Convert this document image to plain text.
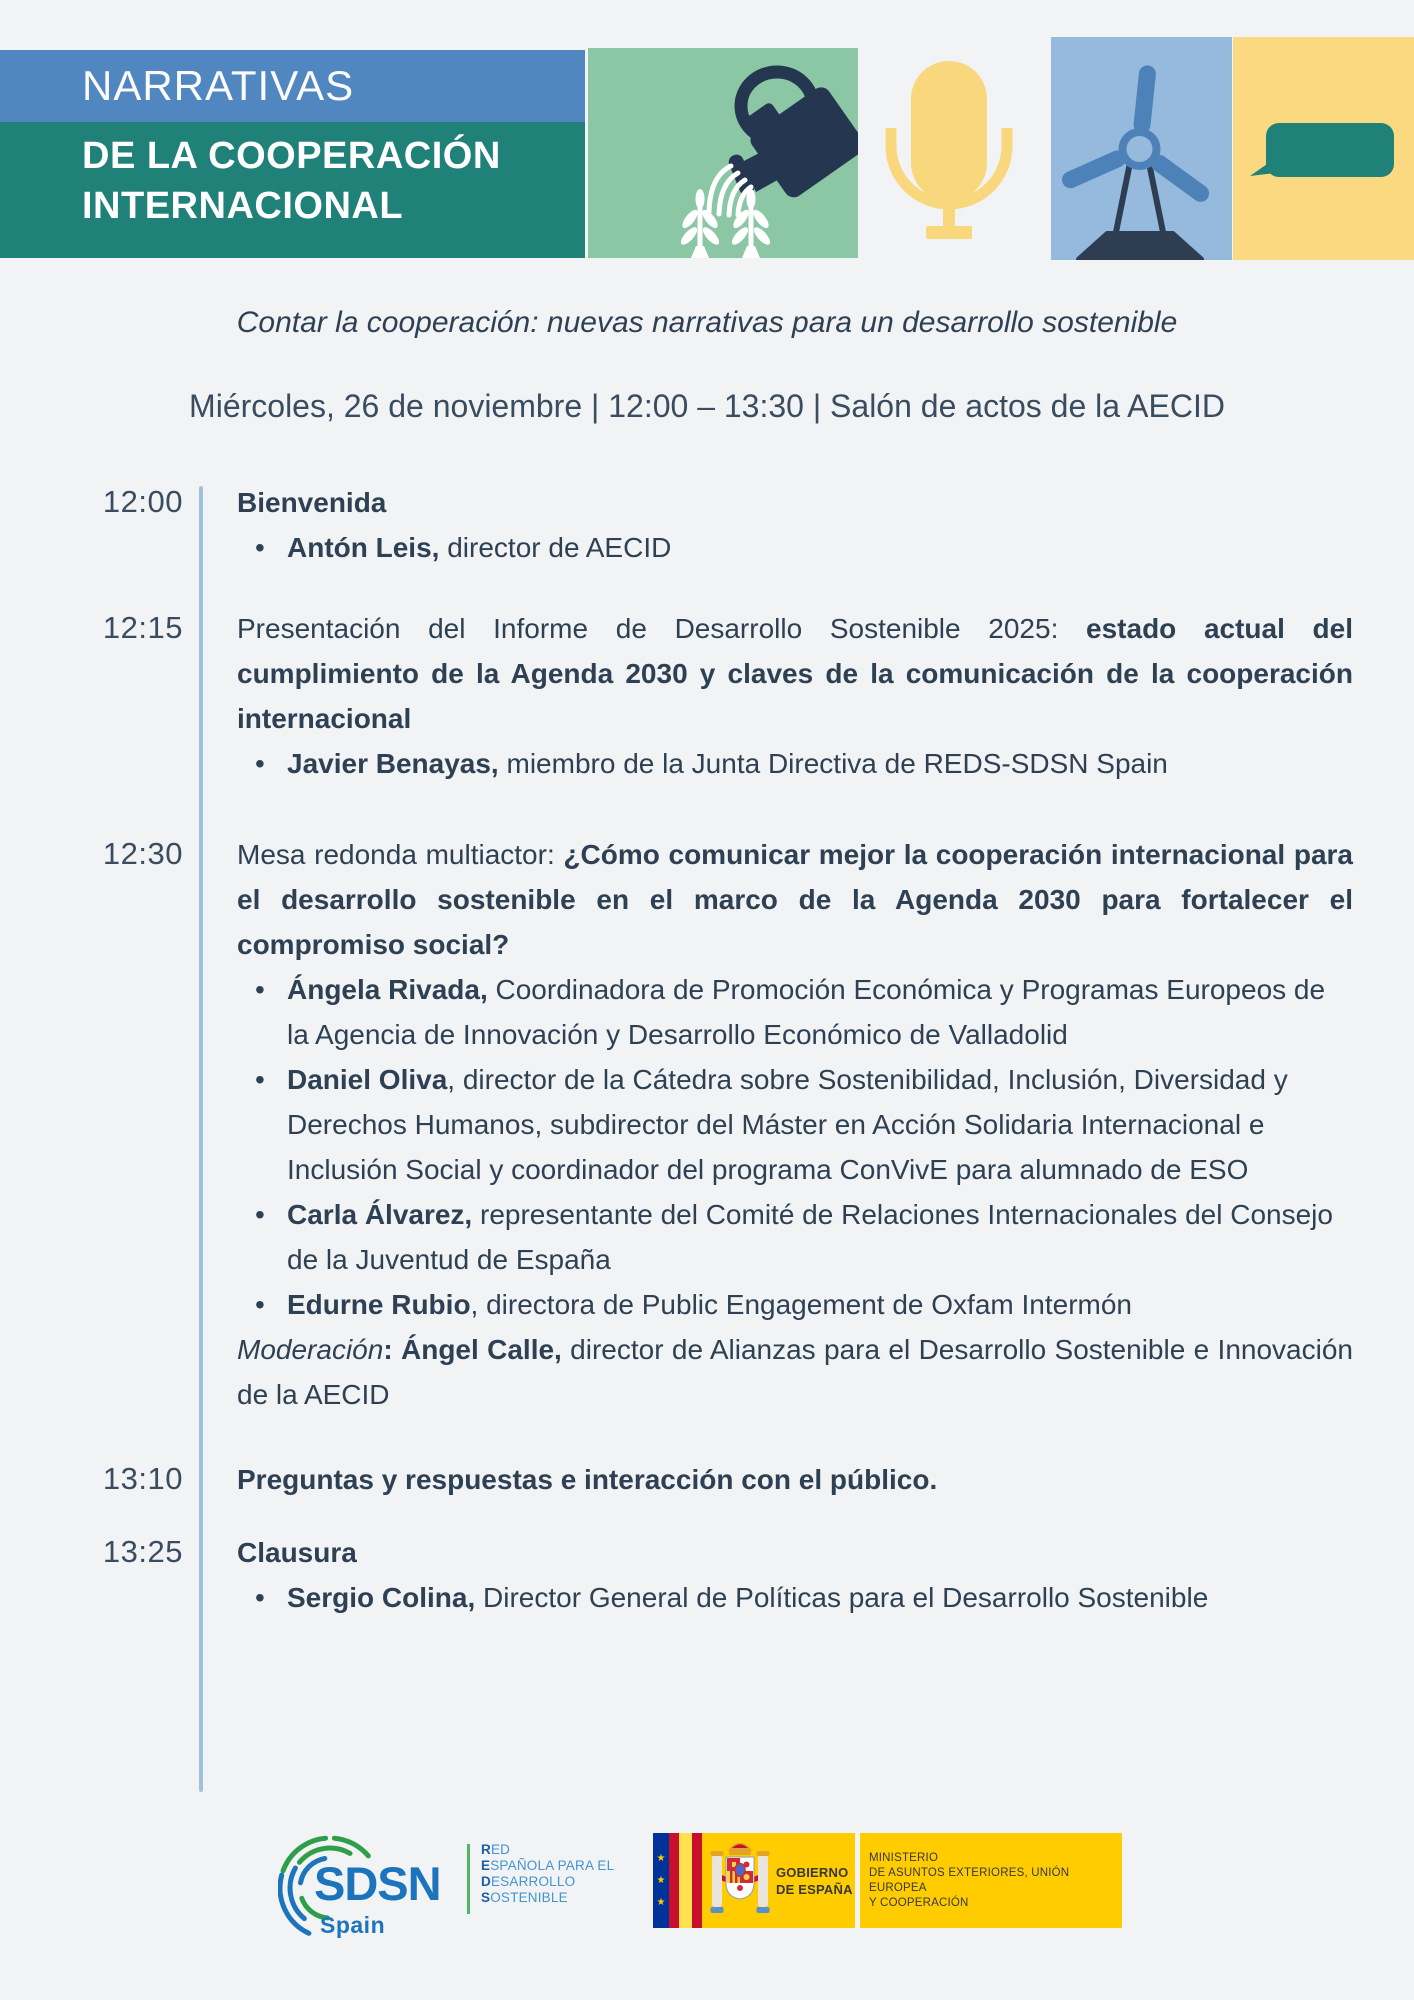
NARRATIVAS
DE LA COOPERACIÓN
INTERNACIONAL
Contar la cooperación: nuevas narrativas para un desarrollo sostenible
Miércoles, 26 de noviembre | 12:00 – 13:30 | Salón de actos de la AECID
12:00 Bienvenida

• Antón Leis, director de AECID
12:15 Presentación del Informe de Desarrollo Sostenible 2025: estado actual del cumplimiento de la Agenda 2030 y claves de la comunicación de la cooperación internacional

• Javier Benayas, miembro de la Junta Directiva de REDS-SDSN Spain
12:30 Mesa redonda multiactor: ¿Cómo comunicar mejor la cooperación internacional para el desarrollo sostenible en el marco de la Agenda 2030 para fortalecer el compromiso social?

• Ángela Rivada, Coordinadora de Promoción Económica y Programas Europeos de la Agencia de Innovación y Desarrollo Económico de Valladolid
• Daniel Oliva, director de la Cátedra sobre Sostenibilidad, Inclusión, Diversidad y Derechos Humanos, subdirector del Máster en Acción Solidaria Internacional e Inclusión Social y coordinador del programa ConVivE para alumnado de ESO
• Carla Álvarez, representante del Comité de Relaciones Internacionales del Consejo de la Juventud de España
• Edurne Rubio, directora de Public Engagement de Oxfam Intermón

Moderación: Ángel Calle, director de Alianzas para el Desarrollo Sostenible e Innovación de la AECID

13:10 Preguntas y respuestas e interacción con el público.

13:25 Clausura

• Sergio Colina, Director General de Políticas para el Desarrollo Sostenible
SDSN
Spain
RED
ESPAÑOLA PARA EL
DESARROLLO
SOSTENIBLE
★
★
★
GOBIERNO
DE ESPAÑA
MINISTERIO
DE ASUNTOS EXTERIORES, UNIÓN EUROPEA
Y COOPERACIÓN
